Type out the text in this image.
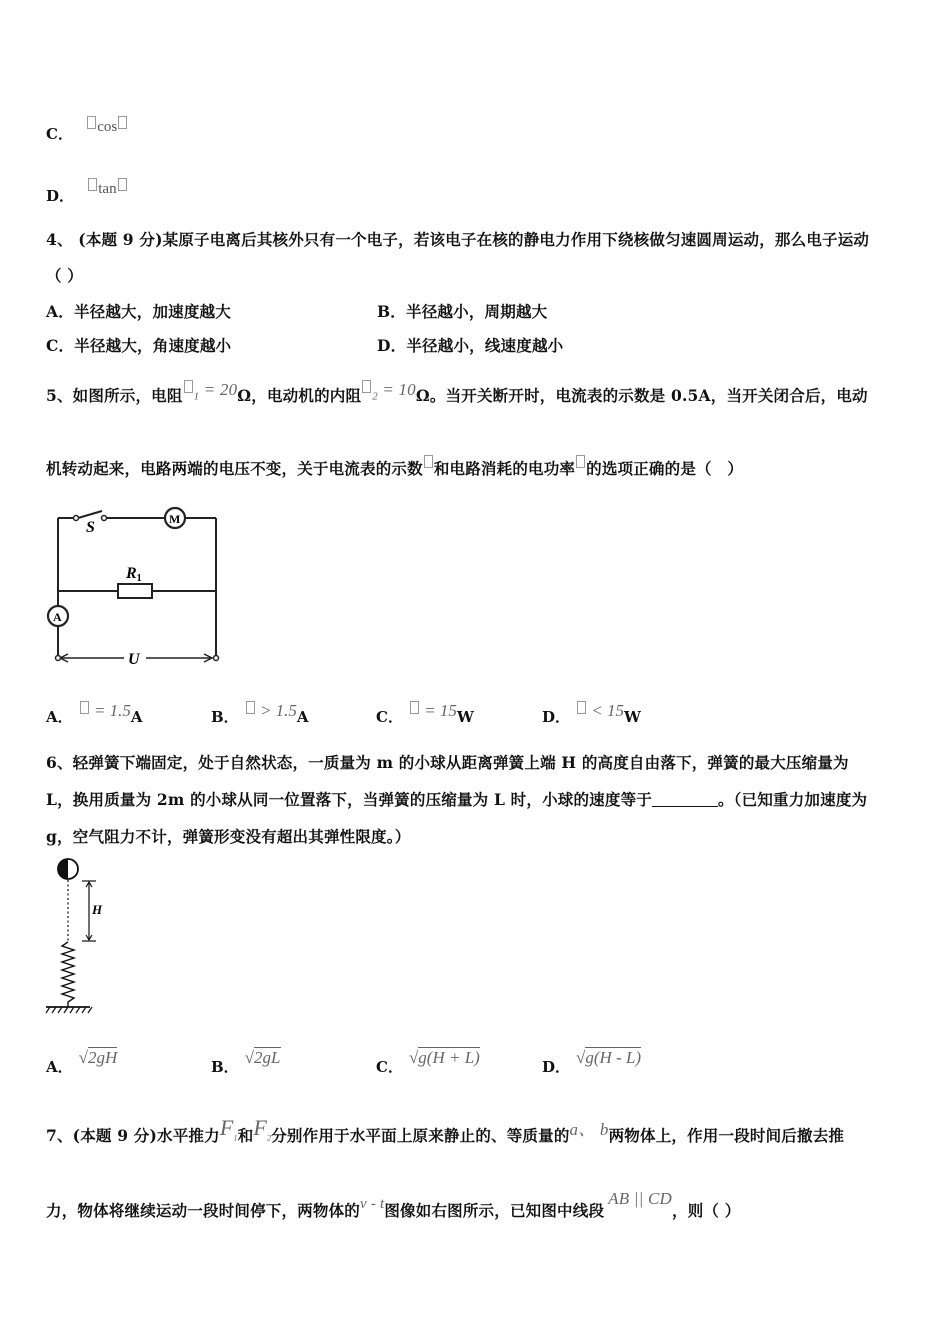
C． cos
D． tan
4、 (本题 9 分)某原子电离后其核外只有一个电子，若该电子在核的静电力作用下绕核做匀速圆周运动，那么电子运动
（ ）
A．半径越大，加速度越大	B．半径越小，周期越大
C．半径越大，角速度越小	D．半径越小，线速度越小
5、如图所示，电阻 $_1$ = 20Ω，电动机的内阻 $_2$ = 10Ω。当开关断开时，电流表的示数是 0.5A，当开关闭合后，电动
机转动起来，电路两端的电压不变，关于电流表的示数 和电路消耗的电功率 的选项正确的是（　）
S	M
R1
A
U
A． = 1.5A	B． > 1.5A	C． = 15W	D． < 15W
6、轻弹簧下端固定，处于自然状态，一质量为 m 的小球从距离弹簧上端 H 的高度自由落下，弹簧的最大压缩量为
L，换用质量为 2m 的小球从同一位置落下，当弹簧的压缩量为 L 时，小球的速度等于	。（已知重力加速度为
g，空气阻力不计，弹簧形变没有超出其弹性限度。）
H
A． √2gH	B． √2gL	C． √g(H + L)	D． √g(H - L)
7、(本题 9 分)水平推力$F_1$和$F_2$分别作用于水平面上原来静止的、等质量的a、 b两物体上，作用一段时间后撤去推
力，物体将继续运动一段时间停下，两物体的v - t图像如右图所示，已知图中线段AB || CD，则（ ）
